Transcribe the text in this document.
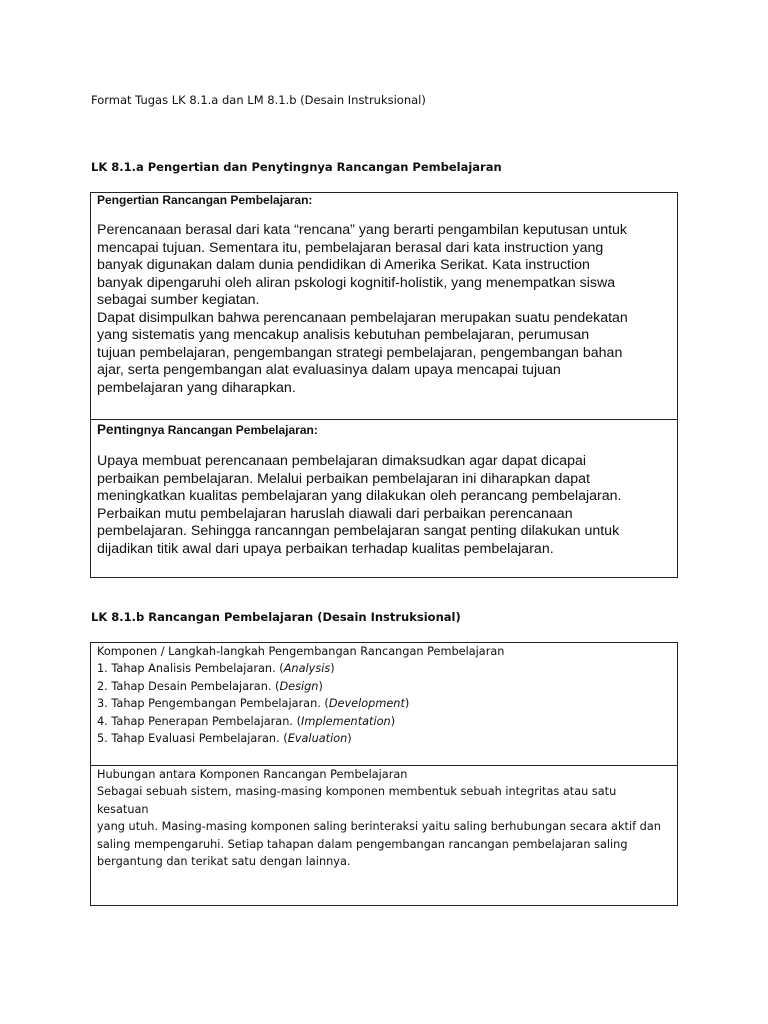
Format Tugas LK 8.1.a dan LM 8.1.b (Desain Instruksional)
LK 8.1.a Pengertian dan Penytingnya Rancangan Pembelajaran
Pengertian Rancangan Pembelajaran:
Perencanaan berasal dari kata “rencana” yang berarti pengambilan keputusan untuk
mencapai tujuan. Sementara itu, pembelajaran berasal dari kata instruction yang
banyak digunakan dalam dunia pendidikan di Amerika Serikat. Kata instruction
banyak dipengaruhi oleh aliran pskologi kognitif-holistik, yang menempatkan siswa
sebagai sumber kegiatan.
Dapat disimpulkan bahwa perencanaan pembelajaran merupakan suatu pendekatan
yang sistematis yang mencakup analisis kebutuhan pembelajaran, perumusan
tujuan pembelajaran, pengembangan strategi pembelajaran, pengembangan bahan
ajar, serta pengembangan alat evaluasinya dalam upaya mencapai tujuan
pembelajaran yang diharapkan.
Pentingnya Rancangan Pembelajaran:
Upaya membuat perencanaan pembelajaran dimaksudkan agar dapat dicapai
perbaikan pembelajaran. Melalui perbaikan pembelajaran ini diharapkan dapat
meningkatkan kualitas pembelajaran yang dilakukan oleh perancang pembelajaran.
Perbaikan mutu pembelajaran haruslah diawali dari perbaikan perencanaan
pembelajaran. Sehingga rancanngan pembelajaran sangat penting dilakukan untuk
dijadikan titik awal dari upaya perbaikan terhadap kualitas pembelajaran.
LK 8.1.b Rancangan Pembelajaran (Desain Instruksional)
Komponen / Langkah-langkah Pengembangan Rancangan Pembelajaran
1. Tahap Analisis Pembelajaran. (Analysis)
2. Tahap Desain Pembelajaran. (Design)
3. Tahap Pengembangan Pembelajaran. (Development)
4. Tahap Penerapan Pembelajaran. (Implementation)
5. Tahap Evaluasi Pembelajaran. (Evaluation)
Hubungan antara Komponen Rancangan Pembelajaran
Sebagai sebuah sistem, masing-masing komponen membentuk sebuah integritas atau satu kesatuan
yang utuh. Masing-masing komponen saling berinteraksi yaitu saling berhubungan secara aktif dan
saling mempengaruhi. Setiap tahapan dalam pengembangan rancangan pembelajaran saling
bergantung dan terikat satu dengan lainnya.
